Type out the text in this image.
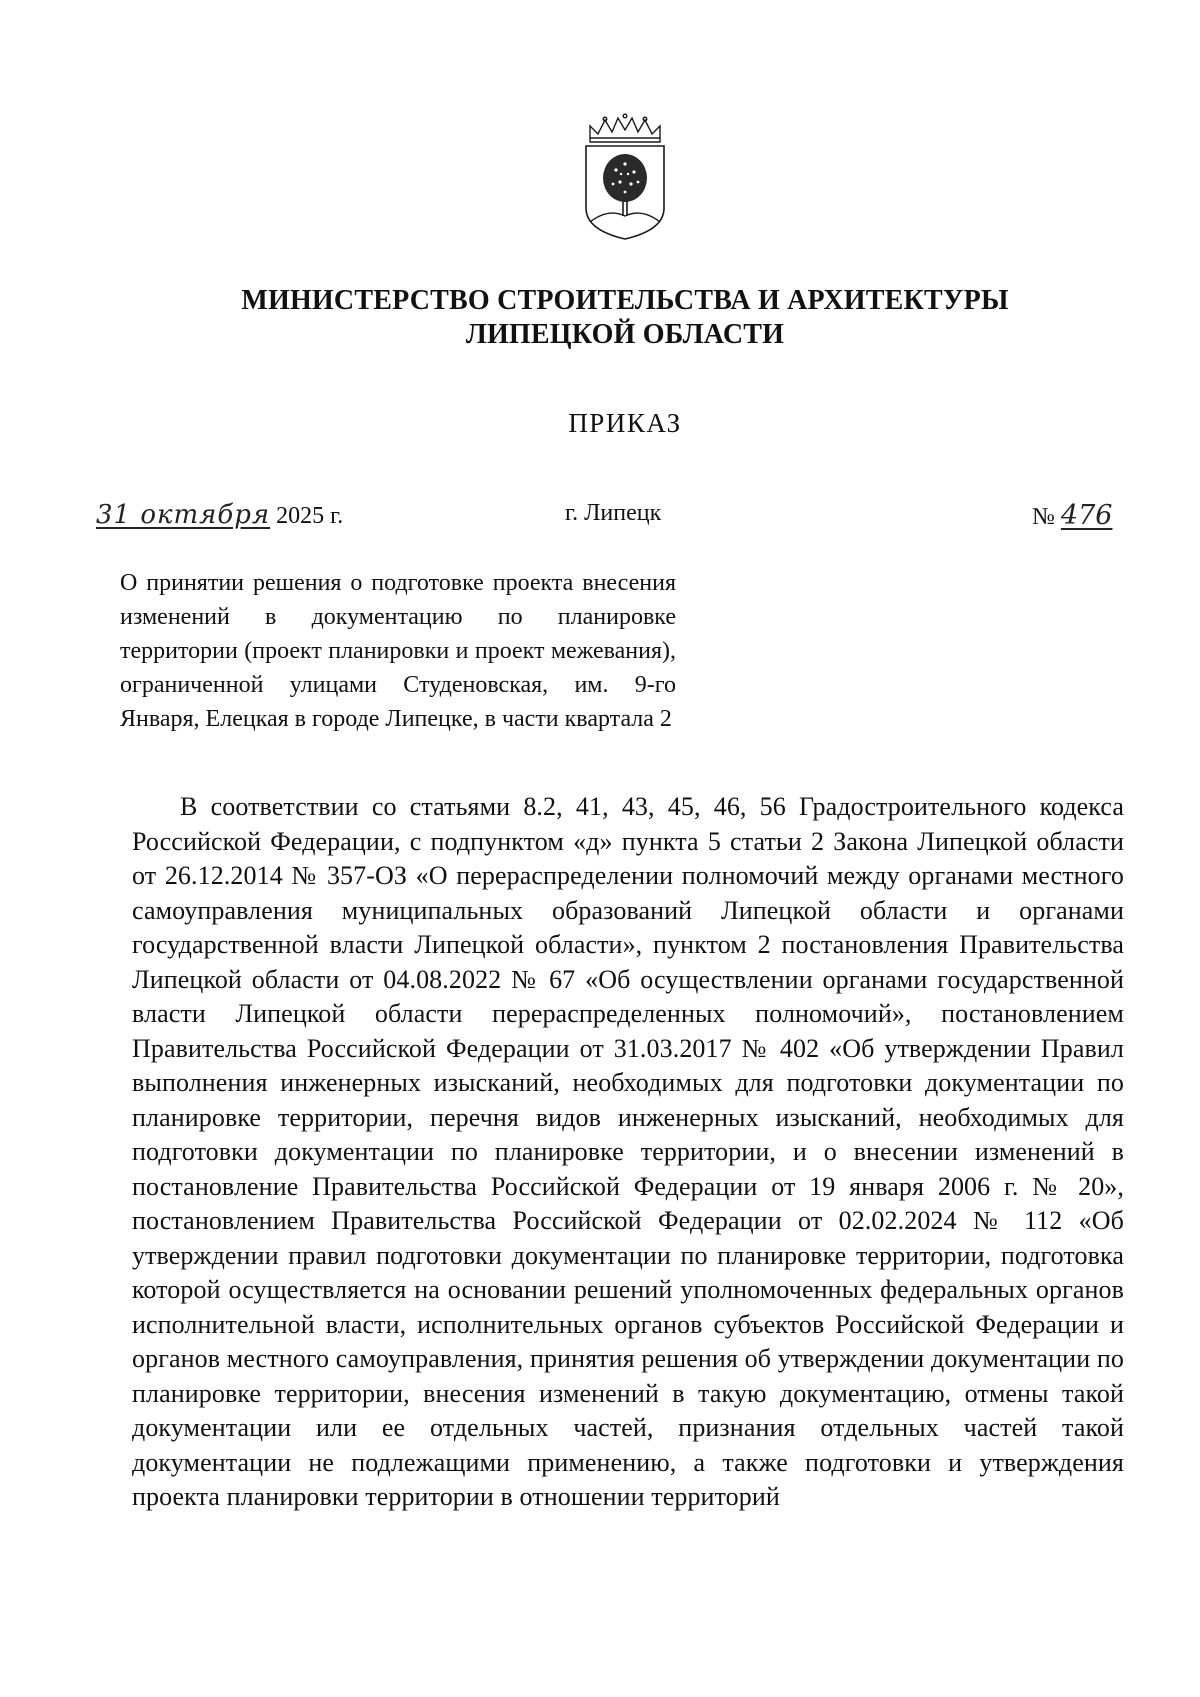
МИНИСТЕРСТВО СТРОИТЕЛЬСТВА И АРХИТЕКТУРЫ
ЛИПЕЦКОЙ ОБЛАСТИ
ПРИКАЗ
31 октября 2025 г.	г. Липецк	№ 476
О принятии решения о подготовке проекта внесения изменений в документацию по планировке территории (проект планировки и проект межевания), ограниченной улицами Студеновская, им. 9-го Января, Елецкая в городе Липецке, в части квартала 2
В соответствии со статьями 8.2, 41, 43, 45, 46, 56 Градостроительного кодекса Российской Федерации, с подпунктом «д» пункта 5 статьи 2 Закона Липецкой области от 26.12.2014 № 357-ОЗ «О перераспределении полномочий между органами местного самоуправления муниципальных образований Липецкой области и органами государственной власти Липецкой области», пунктом 2 постановления Правительства Липецкой области от 04.08.2022 № 67 «Об осуществлении органами государственной власти Липецкой области перераспределенных полномочий», постановлением Правительства Российской Федерации от 31.03.2017 № 402 «Об утверждении Правил выполнения инженерных изысканий, необходимых для подготовки документации по планировке территории, перечня видов инженерных изысканий, необходимых для подготовки документации по планировке территории, и о внесении изменений в постановление Правительства Российской Федерации от 19 января 2006 г. № 20», постановлением Правительства Российской Федерации от 02.02.2024 № 112 «Об утверждении правил подготовки документации по планировке территории, подготовка которой осуществляется на основании решений уполномоченных федеральных органов исполнительной власти, исполнительных органов субъектов Российской Федерации и органов местного самоуправления, принятия решения об утверждении документации по планировке территории, внесения изменений в такую документацию, отмены такой документации или ее отдельных частей, признания отдельных частей такой документации не подлежащими применению, а также подготовки и утверждения проекта планировки территории в отношении территорий
